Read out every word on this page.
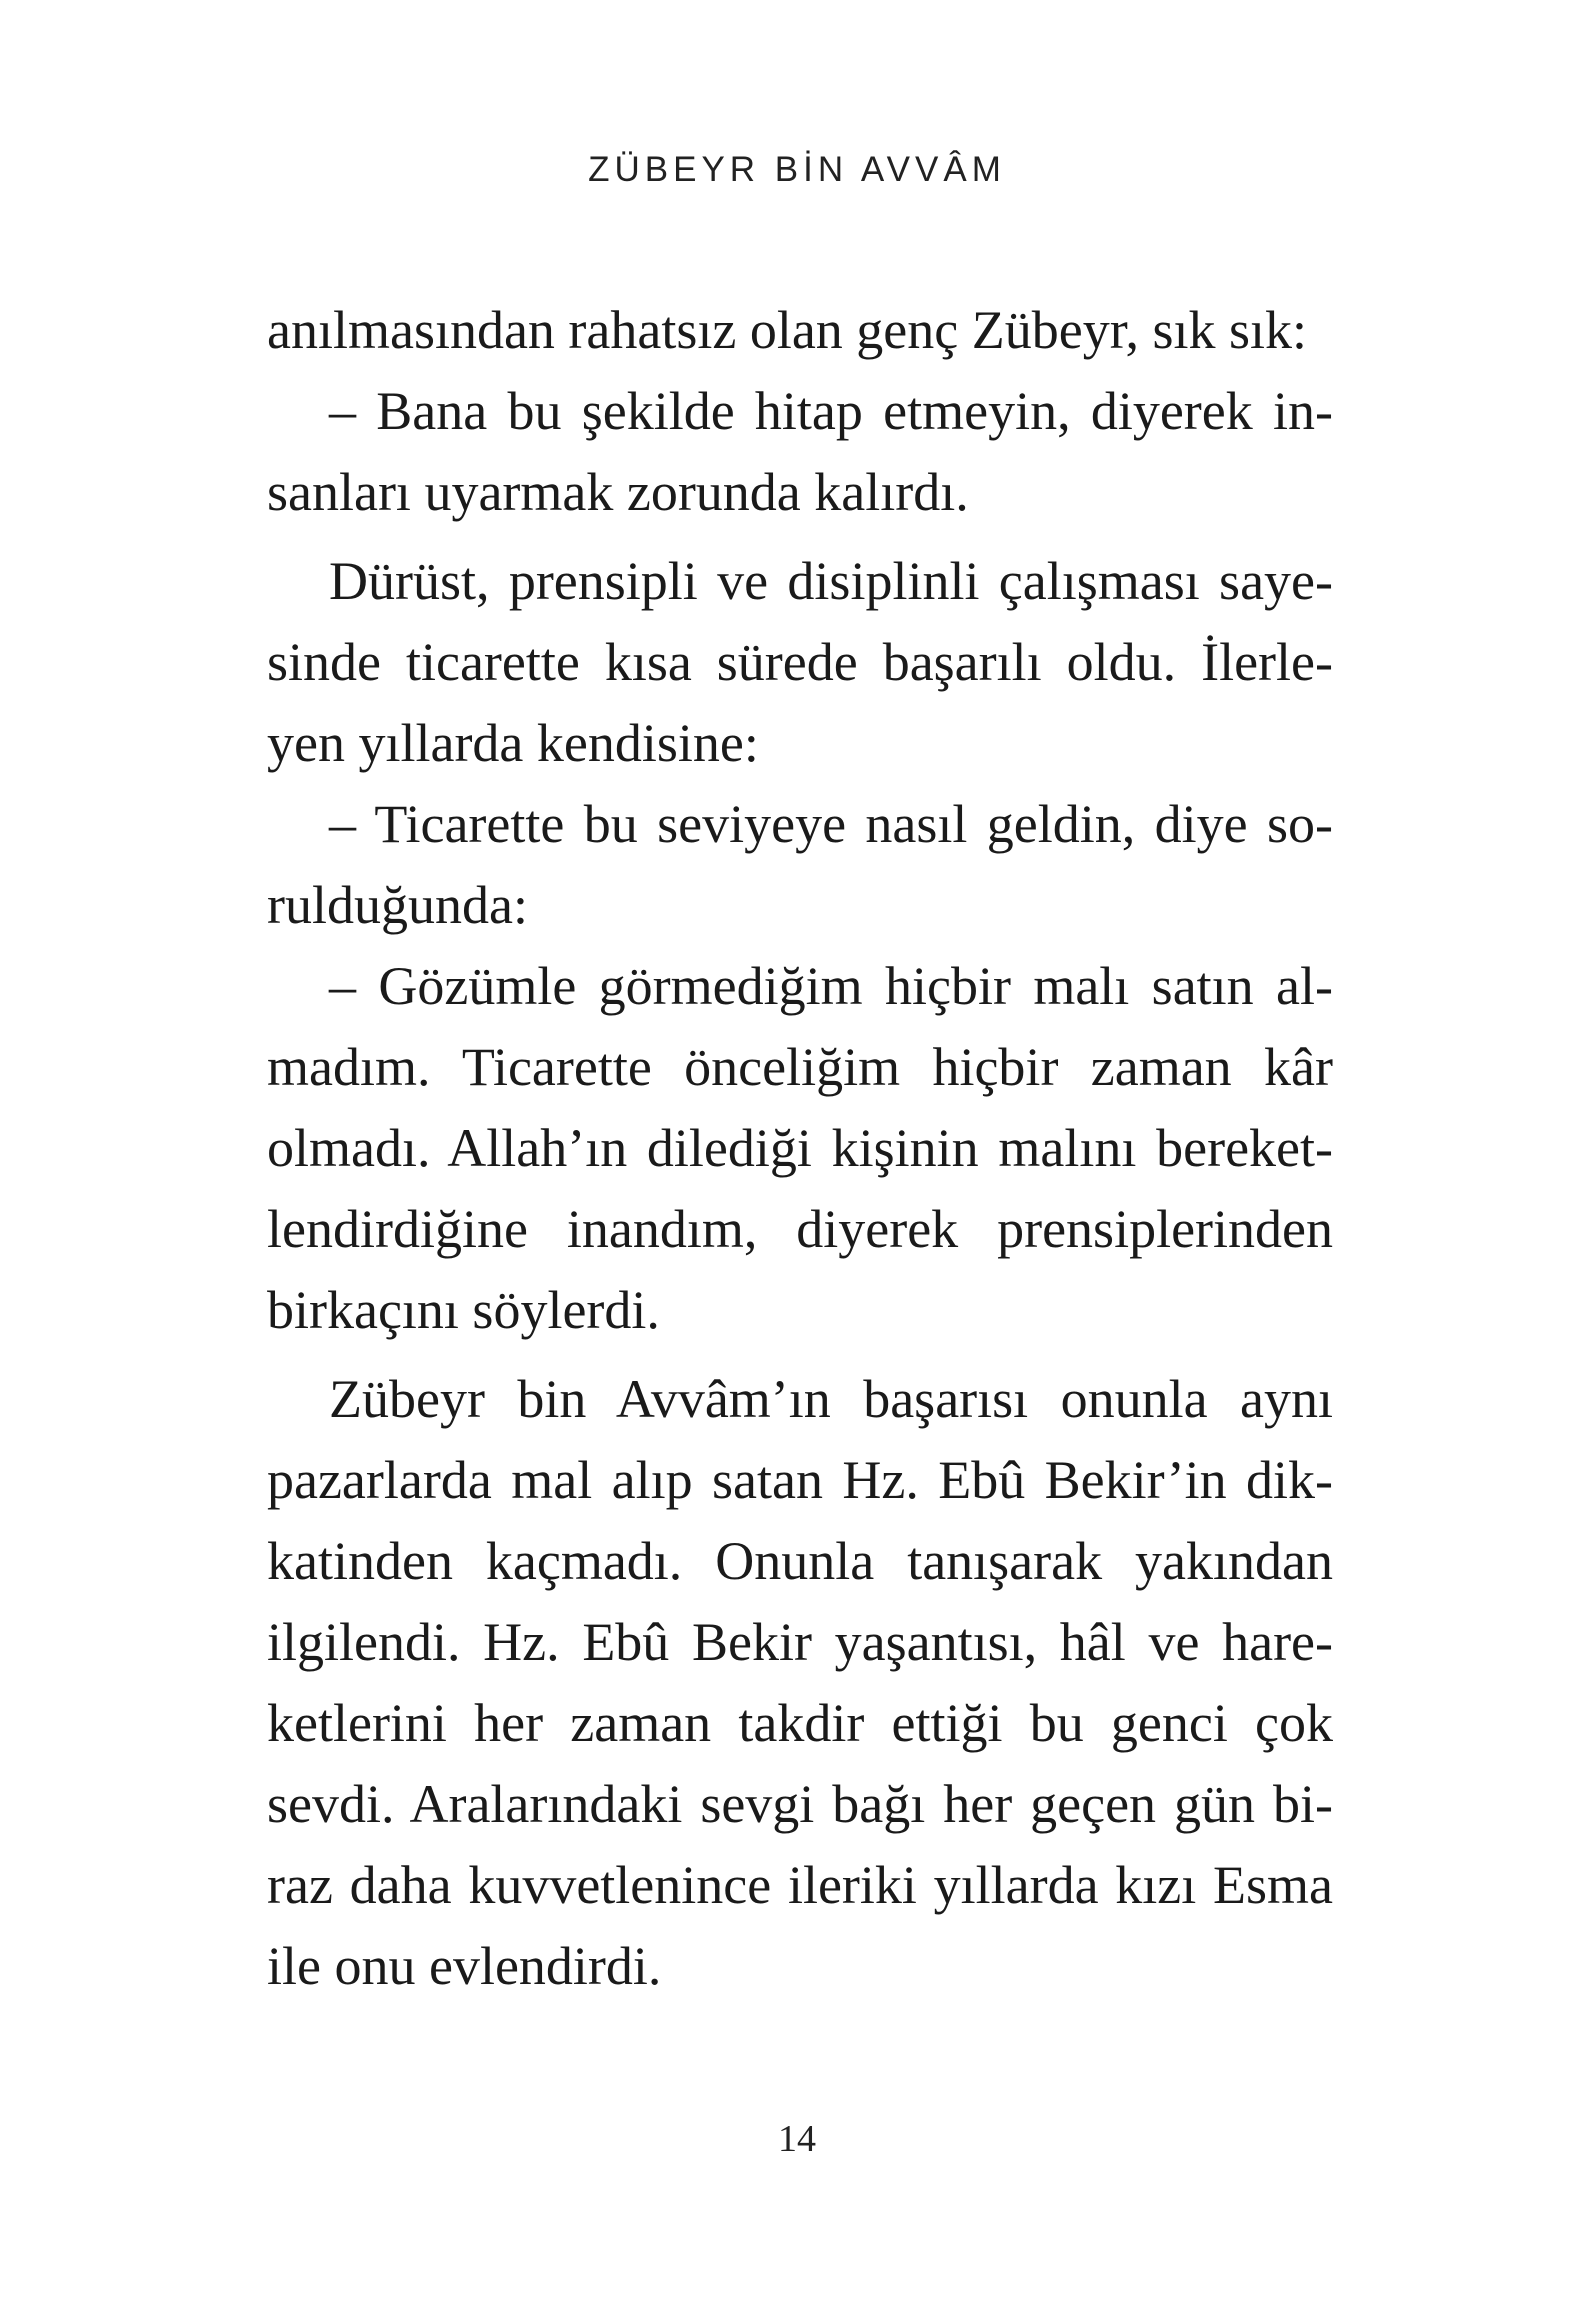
ZÜBEYR BİN AVVÂM
anılmasından rahatsız olan genç Zübeyr, sık sık:
– Bana bu şekilde hitap etmeyin, diyerek in-
sanları uyarmak zorunda kalırdı.
Dürüst, prensipli ve disiplinli çalışması saye-
sinde ticarette kısa sürede başarılı oldu. İlerle-
yen yıllarda kendisine:
– Ticarette bu seviyeye nasıl geldin, diye so-
rulduğunda:
– Gözümle görmediğim hiçbir malı satın al-
madım. Ticarette önceliğim hiçbir zaman kâr
olmadı. Allah’ın dilediği kişinin malını bereket-
lendirdiğine inandım, diyerek prensiplerinden
birkaçını söylerdi.
Zübeyr bin Avvâm’ın başarısı onunla aynı
pazarlarda mal alıp satan Hz. Ebû Bekir’in dik-
katinden kaçmadı. Onunla tanışarak yakından
ilgilendi. Hz. Ebû Bekir yaşantısı, hâl ve hare-
ketlerini her zaman takdir ettiği bu genci çok
sevdi. Aralarındaki sevgi bağı her geçen gün bi-
raz daha kuvvetlenince ileriki yıllarda kızı Esma
ile onu evlendirdi.
14
